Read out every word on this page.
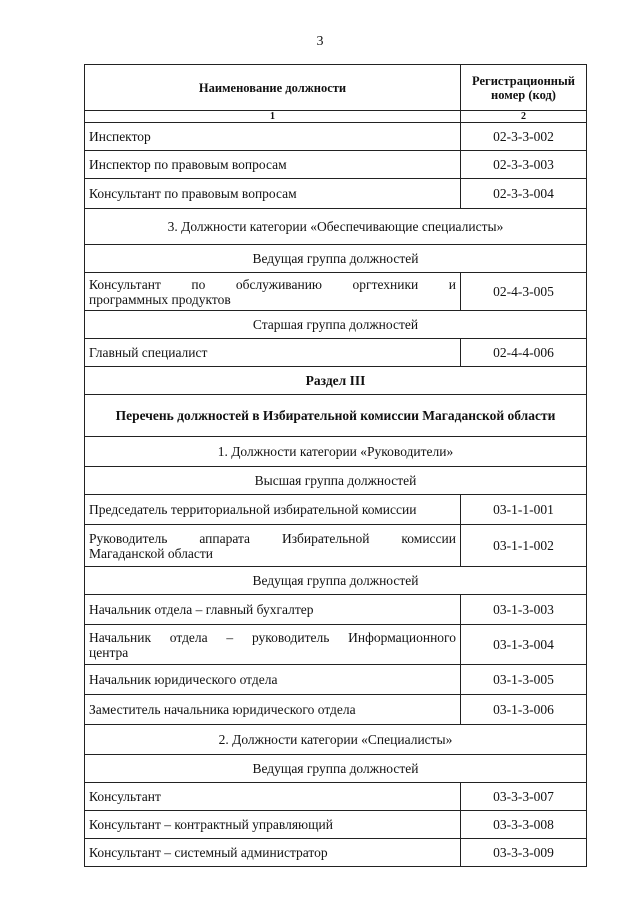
3
Наименование должности	Регистрационный номер (код)
1	2
Инспектор	02-3-3-002
Инспектор по правовым вопросам	02-3-3-003
Консультант по правовым вопросам	02-3-3-004
3. Должности категории «Обеспечивающие специалисты»	
Ведущая группа должностей	

Консультант по обслуживанию оргтехники и
программных продуктов	02-4-3-005
Старшая группа должностей	
Главный специалист	02-4-4-006
Раздел III	
Перечень должностей в Избирательной комиссии Магаданской области	
1. Должности категории «Руководители»	
Высшая группа должностей	
Председатель территориальной избирательной комиссии	03-1-1-001

Руководитель аппарата Избирательной комиссии
Магаданской области	03-1-1-002
Ведущая группа должностей	
Начальник отдела – главный бухгалтер	03-1-3-003

Начальник отдела – руководитель Информационного
центра	03-1-3-004
Начальник юридического отдела	03-1-3-005
Заместитель начальника юридического отдела	03-1-3-006
2. Должности категории «Специалисты»	
Ведущая группа должностей	
Консультант	03-3-3-007
Консультант – контрактный управляющий	03-3-3-008
Консультант – системный администратор	03-3-3-009
